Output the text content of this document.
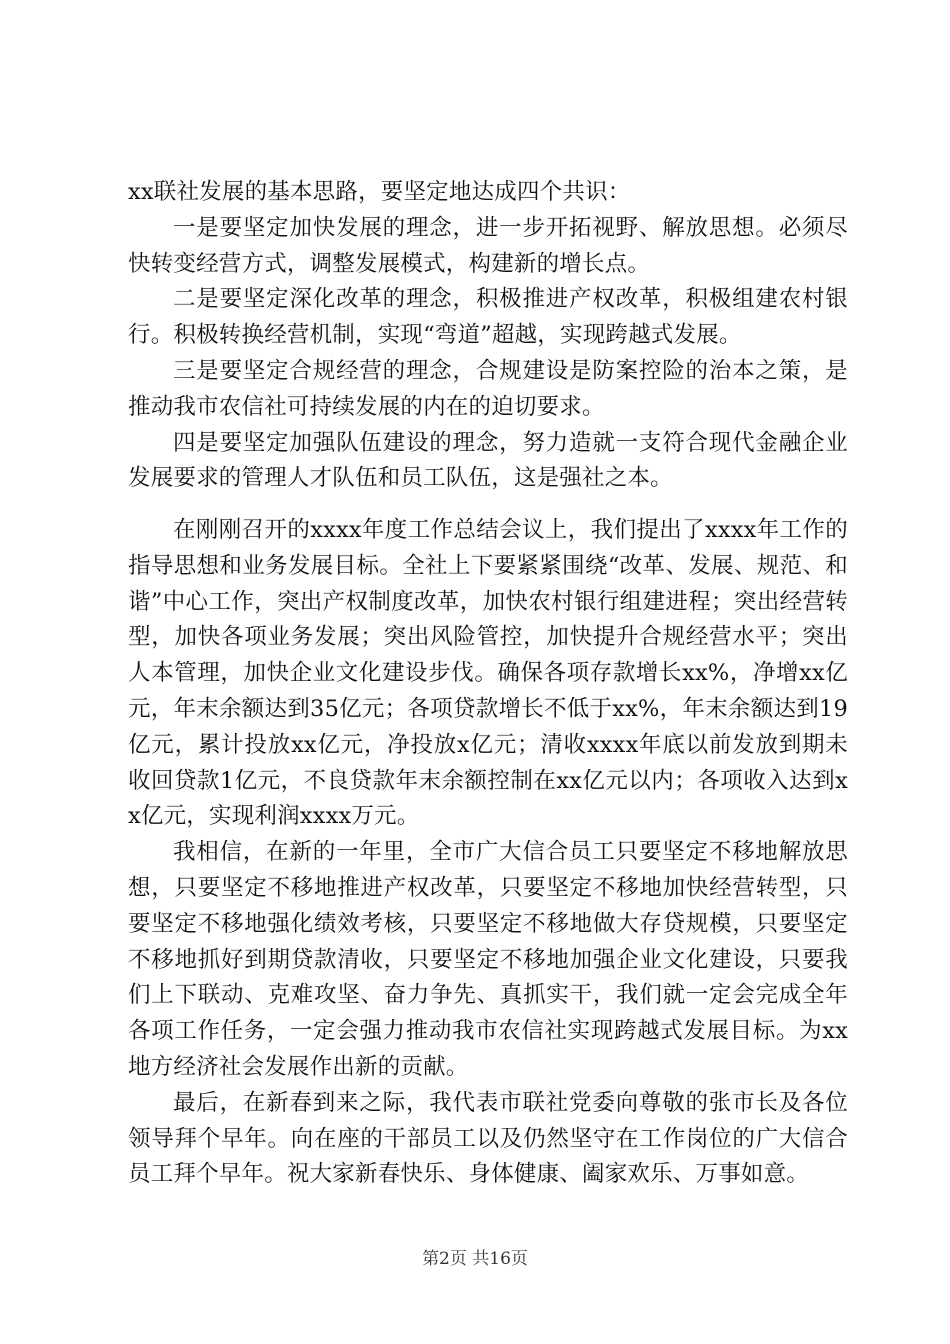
xx联社发展的基本思路，要坚定地达成四个共识：

一是要坚定加快发展的理念，进一步开拓视野、解放思想。必须尽快转变经营方式，调整发展模式，构建新的增长点。

二是要坚定深化改革的理念，积极推进产权改革，积极组建农村银行。积极转换经营机制，实现“弯道”超越，实现跨越式发展。

三是要坚定合规经营的理念，合规建设是防案控险的治本之策，是推动我市农信社可持续发展的内在的迫切要求。

四是要坚定加强队伍建设的理念，努力造就一支符合现代金融企业发展要求的管理人才队伍和员工队伍，这是强社之本。

在刚刚召开的xxxx年度工作总结会议上，我们提出了xxxx年工作的指导思想和业务发展目标。全社上下要紧紧围绕“改革、发展、规范、和谐”中心工作，突出产权制度改革，加快农村银行组建进程；突出经营转型，加快各项业务发展；突出风险管控，加快提升合规经营水平；突出人本管理，加快企业文化建设步伐。确保各项存款增长xx%，净增xx亿元，年末余额达到35亿元；各项贷款增长不低于xx%，年末余额达到19亿元，累计投放xx亿元，净投放x亿元；清收xxxx年底以前发放到期未收回贷款1亿元，不良贷款年末余额控制在xx亿元以内；各项收入达到xx亿元，实现利润xxxx万元。

我相信，在新的一年里，全市广大信合员工只要坚定不移地解放思想，只要坚定不移地推进产权改革，只要坚定不移地加快经营转型，只要坚定不移地强化绩效考核，只要坚定不移地做大存贷规模，只要坚定不移地抓好到期贷款清收，只要坚定不移地加强企业文化建设，只要我们上下联动、克难攻坚、奋力争先、真抓实干，我们就一定会完成全年各项工作任务，一定会强力推动我市农信社实现跨越式发展目标。为xx地方经济社会发展作出新的贡献。

最后，在新春到来之际，我代表市联社党委向尊敬的张市长及各位领导拜个早年。向在座的干部员工以及仍然坚守在工作岗位的广大信合员工拜个早年。祝大家新春快乐、身体健康、阖家欢乐、万事如意。

第2页 共16页
